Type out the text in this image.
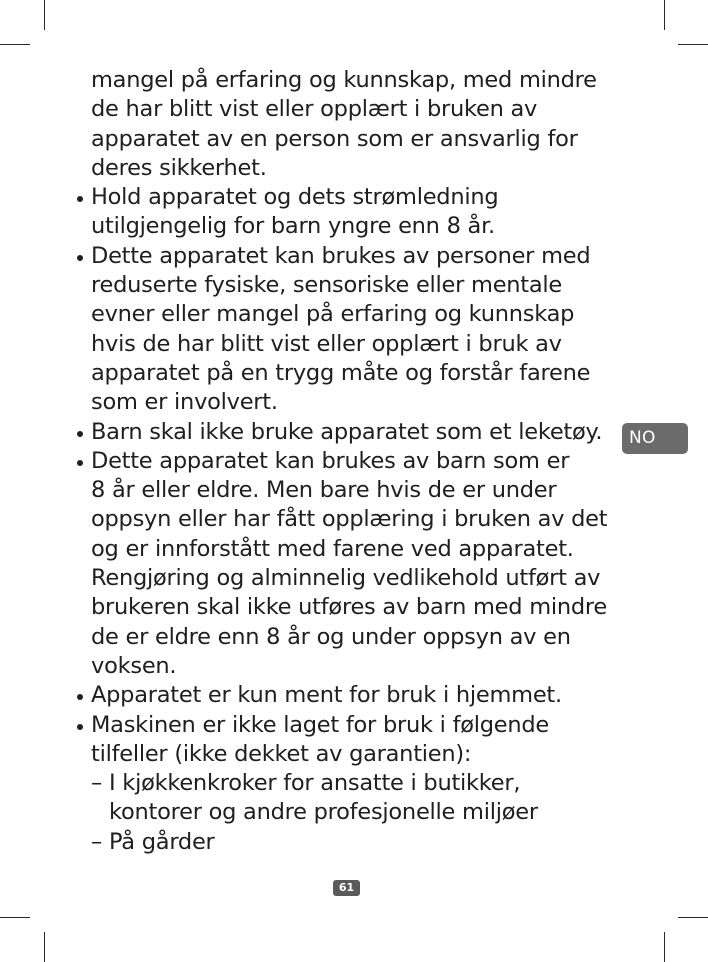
mangel på erfaring og kunnskap, med mindre
de har blitt vist eller opplært i bruken av
apparatet av en person som er ansvarlig for
deres sikkerhet.
Hold apparatet og dets strømledning
utilgjengelig for barn yngre enn 8 år.
Dette apparatet kan brukes av personer med
reduserte fysiske, sensoriske eller mentale
evner eller mangel på erfaring og kunnskap
hvis de har blitt vist eller opplært i bruk av
apparatet på en trygg måte og forstår farene
som er involvert.
Barn skal ikke bruke apparatet som et leketøy.
Dette apparatet kan brukes av barn som er
8 år eller eldre. Men bare hvis de er under
oppsyn eller har fått opplæring i bruken av det
og er innforstått med farene ved apparatet.
Rengjøring og alminnelig vedlikehold utført av
brukeren skal ikke utføres av barn med mindre
de er eldre enn 8 år og under oppsyn av en
voksen.
Apparatet er kun ment for bruk i hjemmet.
Maskinen er ikke laget for bruk i følgende
tilfeller (ikke dekket av garantien):
– I kjøkkenkroker for ansatte i butikker,
kontorer og andre profesjonelle miljøer
– På gårder
NO
61
